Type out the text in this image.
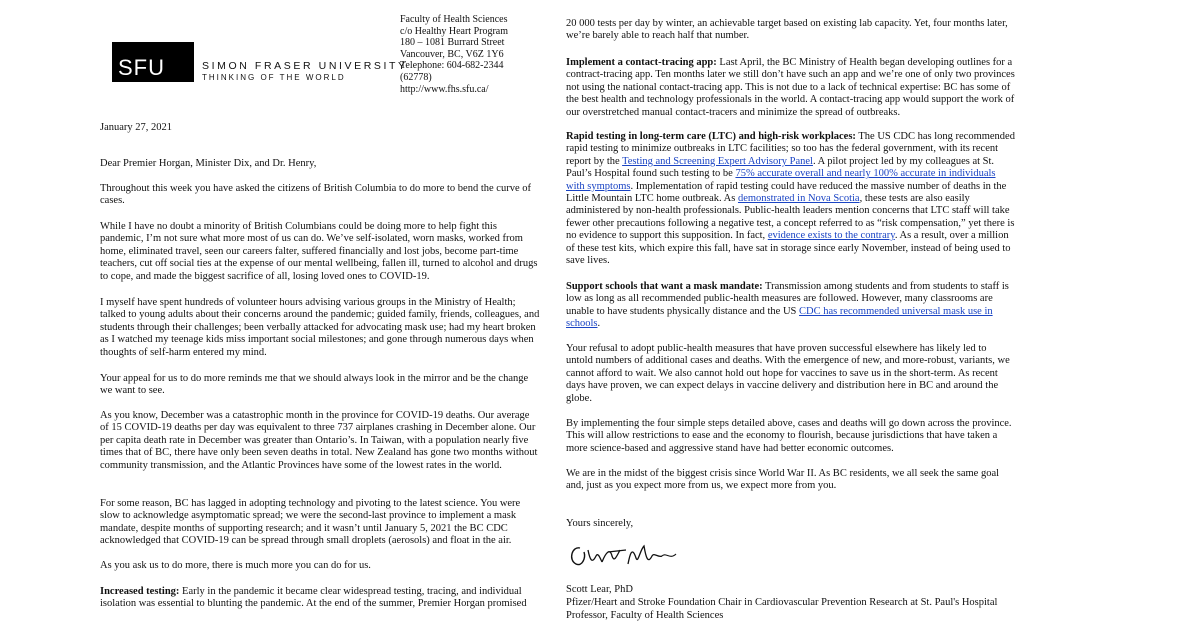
SFU	SIMON FRASER UNIVERSITY
THINKING OF THE WORLD
Faculty of Health Sciences
c/o Healthy Heart Program
180 – 1081 Burrard Street
Vancouver, BC, V6Z 1Y6
Telephone: 604-682-2344
(62778)
http://www.fhs.sfu.ca/

January 27, 2021

Dear Premier Horgan, Minister Dix, and Dr. Henry,

Throughout this week you have asked the citizens of British Columbia to do more to bend the curve of cases.

While I have no doubt a minority of British Columbians could be doing more to help fight this pandemic, I’m not sure what more most of us can do. We’ve self-isolated, worn masks, worked from home, eliminated travel, seen our careers falter, suffered financially and lost jobs, become part-time teachers, cut off social ties at the expense of our mental wellbeing, fallen ill, turned to alcohol and drugs to cope, and made the biggest sacrifice of all, losing loved ones to COVID-19.

I myself have spent hundreds of volunteer hours advising various groups in the Ministry of Health; talked to young adults about their concerns around the pandemic; guided family, friends, colleagues, and students through their challenges; been verbally attacked for advocating mask use; had my heart broken as I watched my teenage kids miss important social milestones; and gone through numerous days when thoughts of self-harm entered my mind.

Your appeal for us to do more reminds me that we should always look in the mirror and be the change we want to see.

As you know, December was a catastrophic month in the province for COVID-19 deaths. Our average of 15 COVID-19 deaths per day was equivalent to three 737 airplanes crashing in December alone. Our per capita death rate in December was greater than Ontario’s. In Taiwan, with a population nearly five times that of BC, there have only been seven deaths in total. New Zealand has gone two months without community transmission, and the Atlantic Provinces have some of the lowest rates in the world.

For some reason, BC has lagged in adopting technology and pivoting to the latest science. You were slow to acknowledge asymptomatic spread; we were the second-last province to implement a mask mandate, despite months of supporting research; and it wasn’t until January 5, 2021 the BC CDC acknowledged that COVID-19 can be spread through small droplets (aerosols) and float in the air.

As you ask us to do more, there is much more you can do for us.

Increased testing: Early in the pandemic it became clear widespread testing, tracing, and individual isolation was essential to blunting the pandemic. At the end of the summer, Premier Horgan promised

20 000 tests per day by winter, an achievable target based on existing lab capacity. Yet, four months later, we’re barely able to reach half that number.

Implement a contact-tracing app: Last April, the BC Ministry of Health began developing outlines for a contract-tracing app. Ten months later we still don’t have such an app and we’re one of only two provinces not using the national contact-tracing app. This is not due to a lack of technical expertise: BC has some of the best health and technology professionals in the world. A contact-tracing app would support the work of our overstretched manual contact-tracers and minimize the spread of outbreaks.

Rapid testing in long-term care (LTC) and high-risk workplaces: The US CDC has long recommended rapid testing to minimize outbreaks in LTC facilities; so too has the federal government, with its recent report by the Testing and Screening Expert Advisory Panel. A pilot project led by my colleagues at St. Paul’s Hospital found such testing to be 75% accurate overall and nearly 100% accurate in individuals with symptoms. Implementation of rapid testing could have reduced the massive number of deaths in the Little Mountain LTC home outbreak. As demonstrated in Nova Scotia, these tests are also easily administered by non-health professionals. Public-health leaders mention concerns that LTC staff will take fewer other precautions following a negative test, a concept referred to as “risk compensation,” yet there is no evidence to support this supposition. In fact, evidence exists to the contrary. As a result, over a million of these test kits, which expire this fall, have sat in storage since early November, instead of being used to save lives.

Support schools that want a mask mandate: Transmission among students and from students to staff is low as long as all recommended public-health measures are followed. However, many classrooms are unable to have students physically distance and the US CDC has recommended universal mask use in schools.

Your refusal to adopt public-health measures that have proven successful elsewhere has likely led to untold numbers of additional cases and deaths. With the emergence of new, and more-robust, variants, we cannot afford to wait. We also cannot hold out hope for vaccines to save us in the short-term. As recent days have proven, we can expect delays in vaccine delivery and distribution here in BC and around the globe.

By implementing the four simple steps detailed above, cases and deaths will go down across the province. This will allow restrictions to ease and the economy to flourish, because jurisdictions that have taken a more science-based and aggressive stand have had better economic outcomes.

We are in the midst of the biggest crisis since World War II. As BC residents, we all seek the same goal and, just as you expect more from us, we expect more from you.

Yours sincerely,

Scott Lear, PhD

Pfizer/Heart and Stroke Foundation Chair in Cardiovascular Prevention Research at St. Paul's Hospital

Professor, Faculty of Health Sciences
